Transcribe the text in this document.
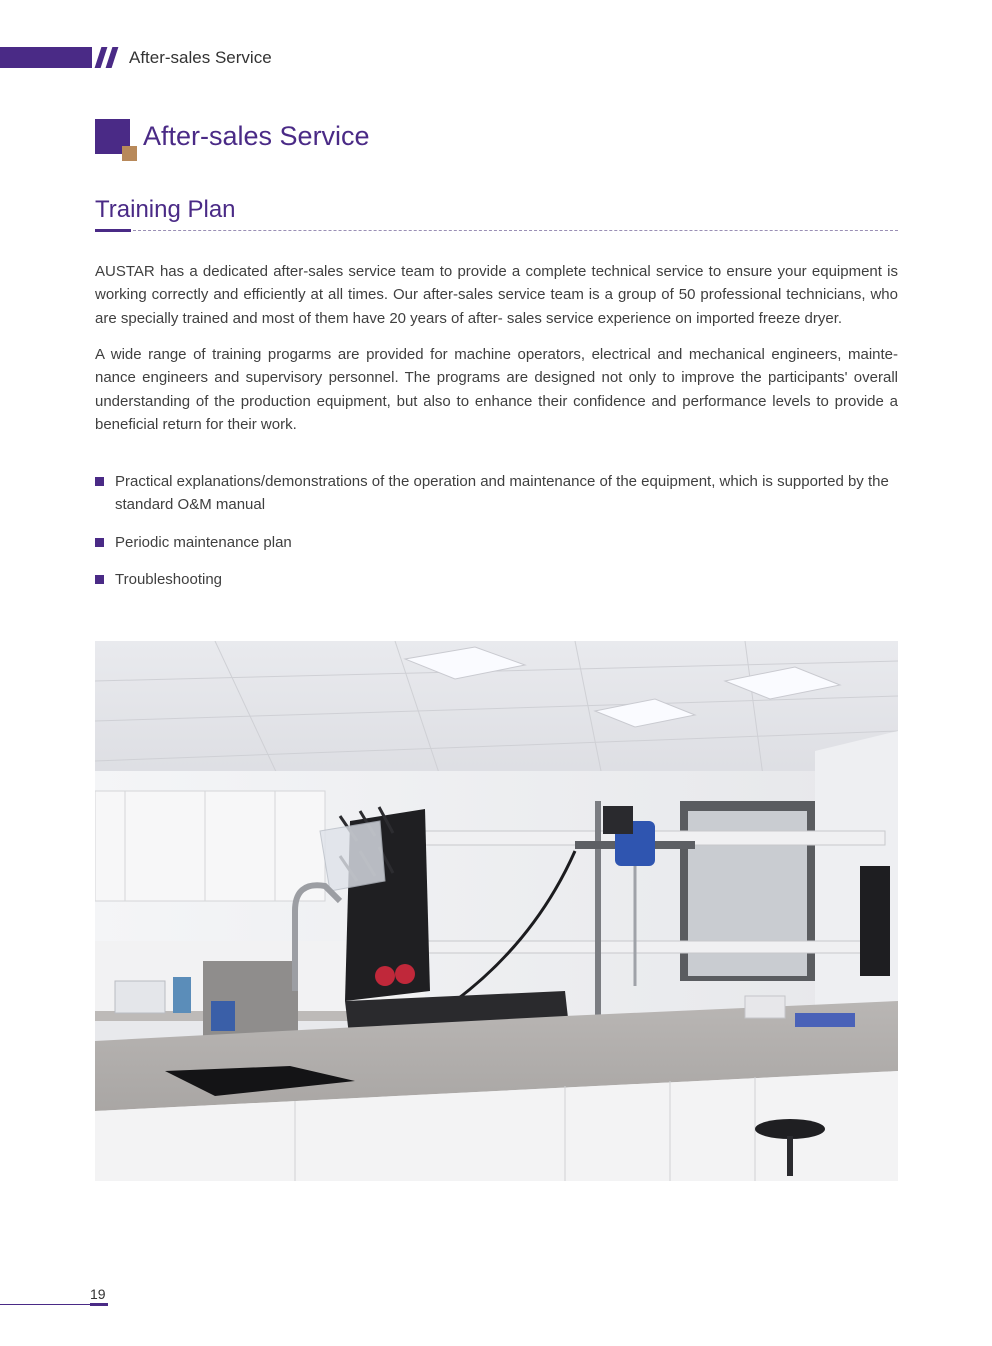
After-sales Service
After-sales Service
Training Plan

AUSTAR has a dedicated after-sales service team to provide a complete technical service to ensure your equipment is working correctly and efficiently at all times. Our after-sales service team is a group of 50 professional technicians, who are specially trained and most of them have 20 years of after- sales service experience on imported freeze dryer.

A wide range of training progarms are provided for machine operators, electrical and mechanical engineers, mainte-nance engineers and supervisory personnel. The programs are designed not only to improve the participants' overall understanding of the production equipment, but also to enhance their confidence and performance levels to provide a beneficial return for their work.

Practical explanations/demonstrations of the operation and maintenance of the equipment, which is supported by the standard O&M manual
Periodic maintenance plan
Troubleshooting
19
